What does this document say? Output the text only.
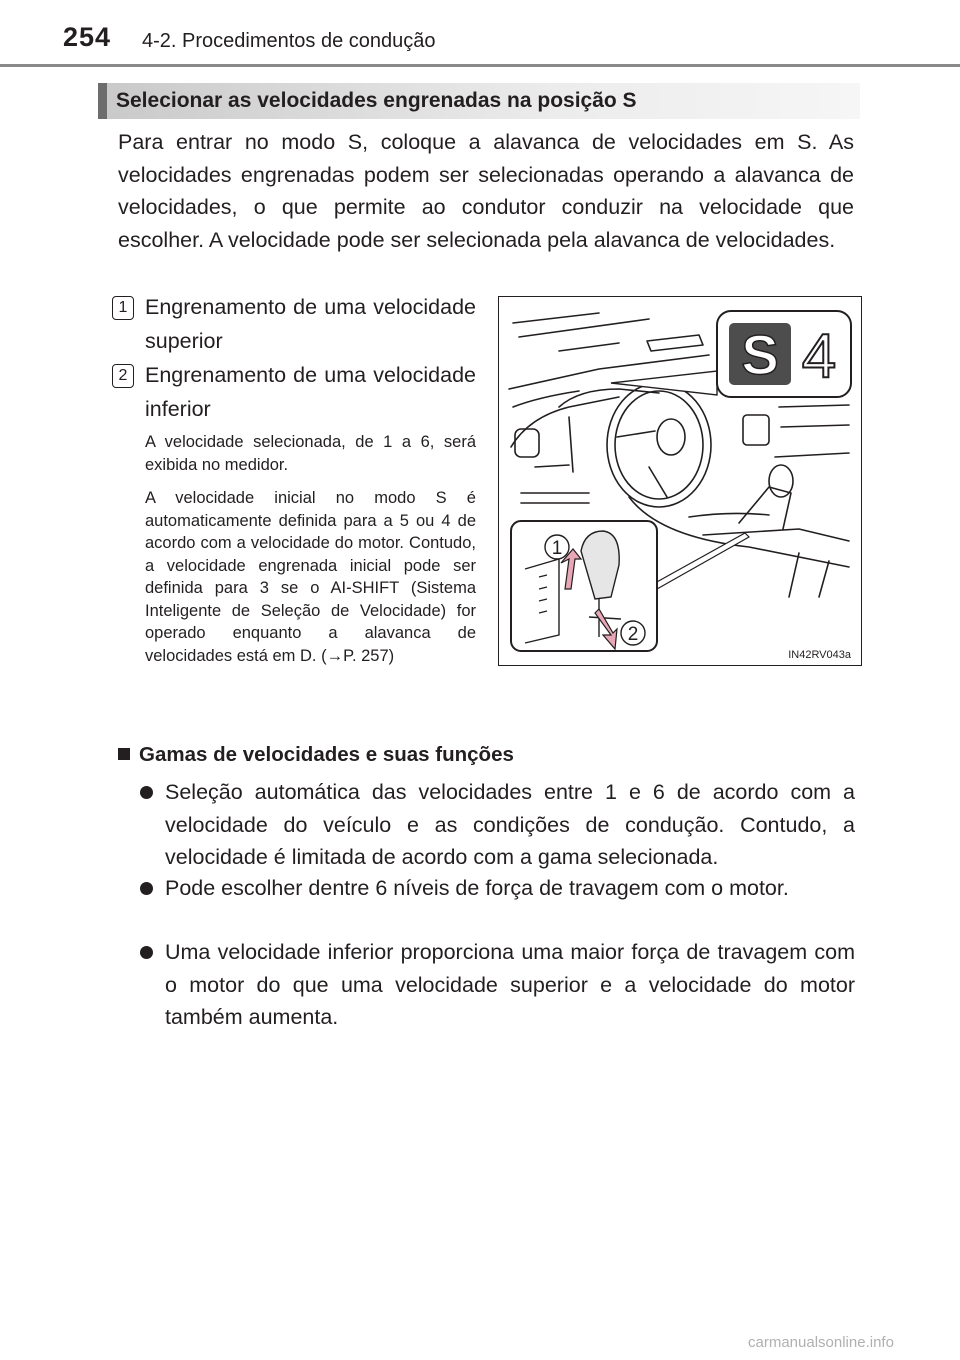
254 4-2. Procedimentos de condução
Selecionar as velocidades engrenadas na posição S

Para entrar no modo S, coloque a alavanca de velocidades em S. As velocidades engrenadas podem ser selecionadas operando a alavanca de velocidades, o que permite ao condutor conduzir na velocidade que escolher. A velocidade pode ser selecionada pela alavanca de velocidades.

1 Engrenamento de uma velocidade superior

2 Engrenamento de uma velocidade inferior

A velocidade selecionada, de 1 a 6, será exibida no medidor.

A velocidade inicial no modo S é automaticamente definida para a 5 ou 4 de acordo com a velocidade do motor. Contudo, a velocidade engrenada inicial pode ser definida para 3 se o AI-SHIFT (Sistema Inteligente de Seleção de Velocidade) for operado enquanto a alavanca de velocidades está em D. (→P. 257)

S 4
1
2
IN42RV043a
Gamas de velocidades e suas funções

Seleção automática das velocidades entre 1 e 6 de acordo com a velocidade do veículo e as condições de condução. Contudo, a velocidade é limitada de acordo com a gama selecionada.

Pode escolher dentre 6 níveis de força de travagem com o motor.

Uma velocidade inferior proporciona uma maior força de travagem com o motor do que uma velocidade superior e a velocidade do motor também aumenta.

carmanualsonline.info
